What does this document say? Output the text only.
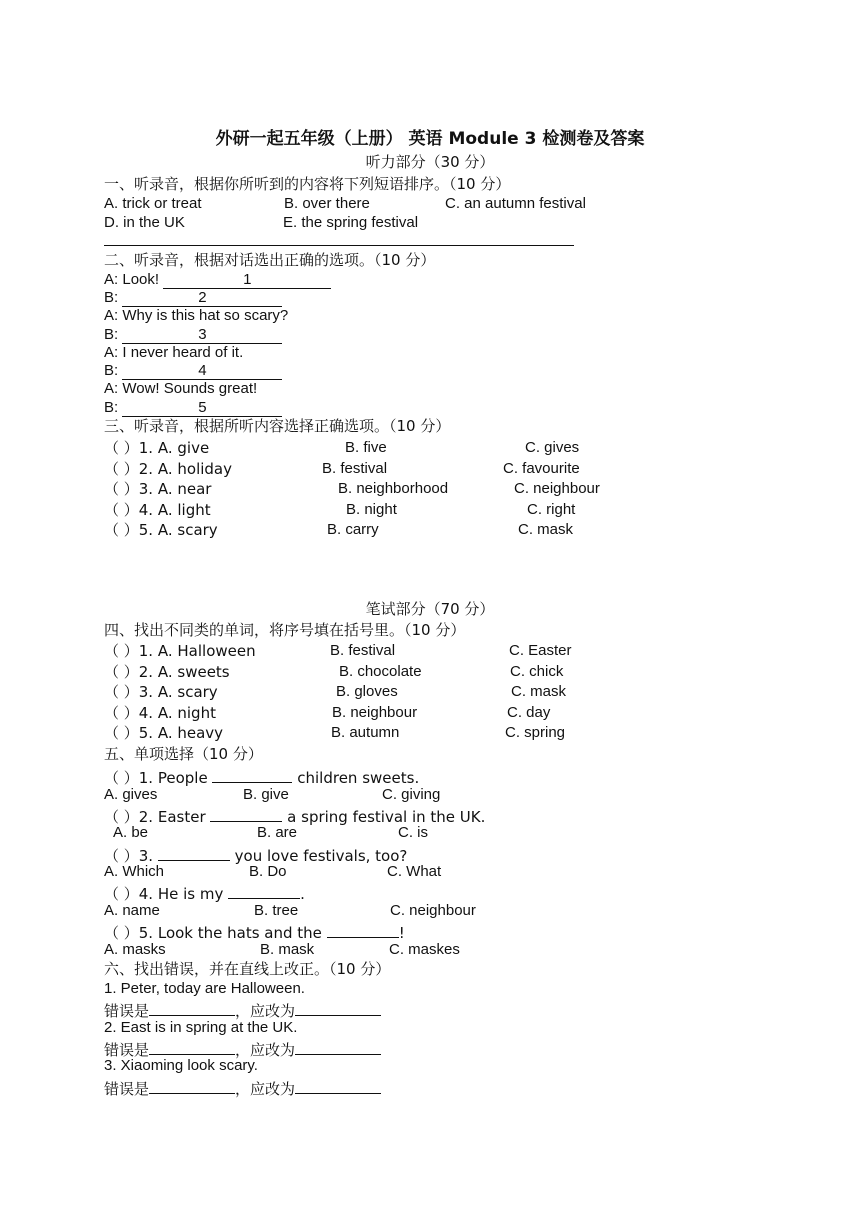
外研一起五年级（上册） 英语 Module 3 检测卷及答案
听力部分（30 分）
一、听录音，根据你所听到的内容将下列短语排序。（10 分）
A. trick or treat	B. over there	C. an autumn festival
D. in the UK	E. the spring festival
二、听录音，根据对话选出正确的选项。（10 分）
A: Look!	1
B:	2
A: Why is this hat so scary?
B:	3
A: I never heard of it.
B:	4
A: Wow! Sounds great!
B:	5
三、听录音，根据所听内容选择正确选项。（10 分）
（ ）1. A. give	B. five	C. gives
（ ）2. A. holiday	B. festival	C. favourite
（ ）3. A. near	B. neighborhood	C. neighbour
（ ）4. A. light	B. night	C. right
（ ）5. A. scary	B. carry	C. mask
笔试部分（70 分）
四、找出不同类的单词，将序号填在括号里。（10 分）
（ ）1. A. Halloween	B. festival	C. Easter
（ ）2. A. sweets	B. chocolate	C. chick
（ ）3. A. scary	B. gloves	C. mask
（ ）4. A. night	B. neighbour	C. day
（ ）5. A. heavy	B. autumn	C. spring
五、单项选择（10 分）
（ ）1. People	children sweets.
A. gives	B. give	C. giving
（ ）2. Easter	a spring festival in the UK.
A. be	B. are	C. is
（ ）3.	you love festivals, too?
A. Which	B. Do	C. What
（ ）4. He is my	.
A. name	B. tree	C. neighbour
（ ）5. Look the hats and the	!
A. masks	B. mask	C. maskes
六、找出错误，并在直线上改正。（10 分）
1. Peter, today are Halloween.
错误是	，应改为
2. East is in spring at the UK.
错误是	，应改为
3. Xiaoming look scary.
错误是	，应改为
